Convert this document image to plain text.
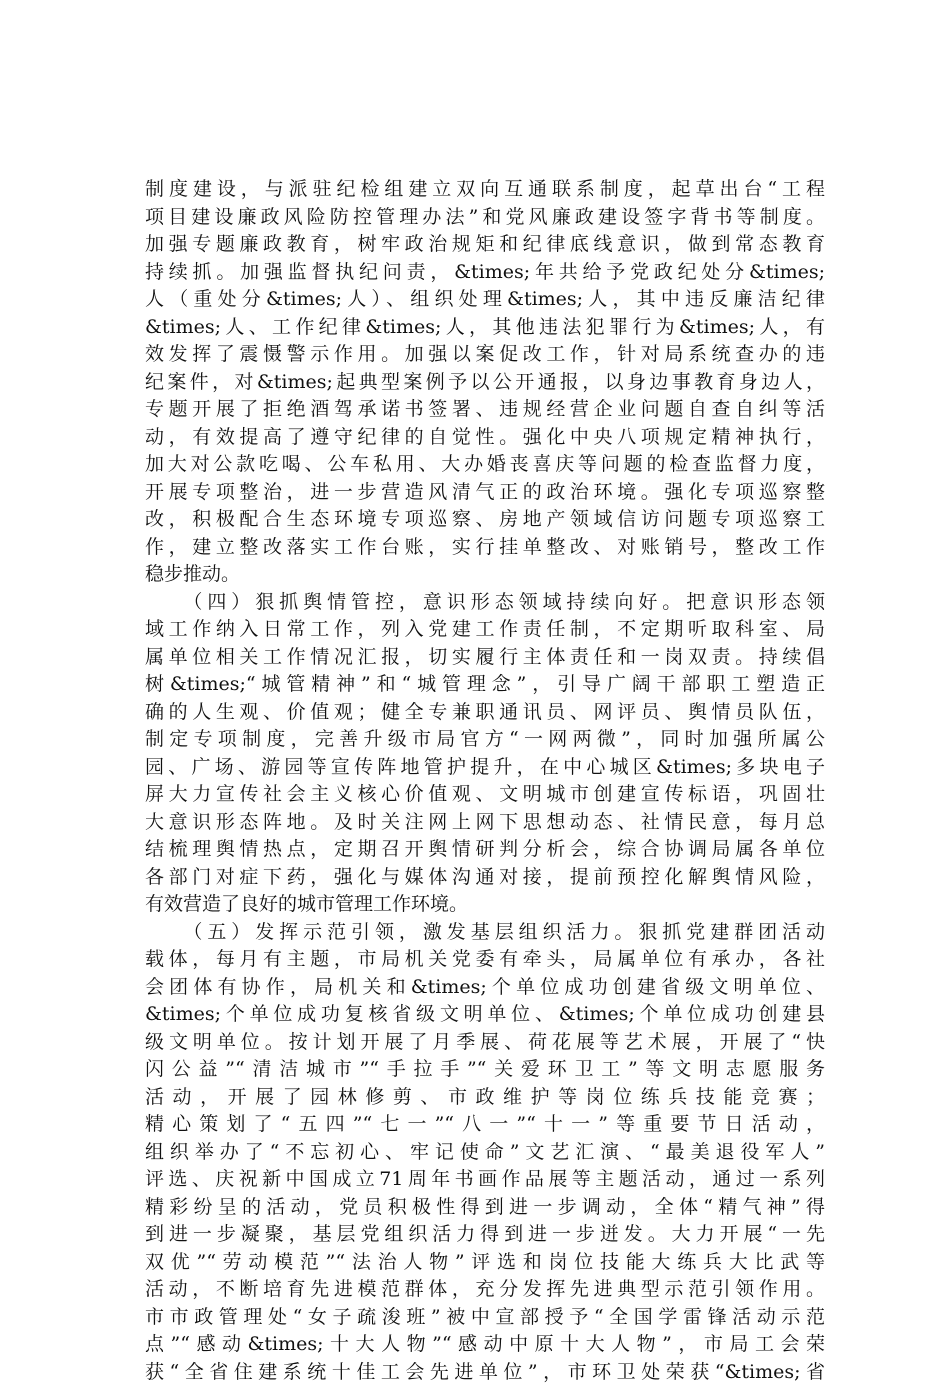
制度建设，与派驻纪检组建立双向互通联系制度，起草出台“工程
项目建设廉政风险防控管理办法”和党风廉政建设签字背书等制度。
加强专题廉政教育，树牢政治规矩和纪律底线意识，做到常态教育
持续抓。加强监督执纪问责，&times;年共给予党政纪处分&times;
人（重处分&times;人）、组织处理&times;人，其中违反廉洁纪律
&times;人、工作纪律&times;人，其他违法犯罪行为&times;人，有
效发挥了震慑警示作用。加强以案促改工作，针对局系统查办的违
纪案件，对&times;起典型案例予以公开通报，以身边事教育身边人，
专题开展了拒绝酒驾承诺书签署、违规经营企业问题自查自纠等活
动，有效提高了遵守纪律的自觉性。强化中央八项规定精神执行，
加大对公款吃喝、公车私用、大办婚丧喜庆等问题的检查监督力度，
开展专项整治，进一步营造风清气正的政治环境。强化专项巡察整
改，积极配合生态环境专项巡察、房地产领域信访问题专项巡察工
作，建立整改落实工作台账，实行挂单整改、对账销号，整改工作
稳步推动。
　　（四）狠抓舆情管控，意识形态领域持续向好。把意识形态领
域工作纳入日常工作，列入党建工作责任制，不定期听取科室、局
属单位相关工作情况汇报，切实履行主体责任和一岗双责。持续倡
树&times;“城管精神”和“城管理念”，引导广阔干部职工塑造正
确的人生观、价值观；健全专兼职通讯员、网评员、舆情员队伍，
制定专项制度，完善升级市局官方“一网两微”，同时加强所属公
园、广场、游园等宣传阵地管护提升，在中心城区&times;多块电子
屏大力宣传社会主义核心价值观、文明城市创建宣传标语，巩固壮
大意识形态阵地。及时关注网上网下思想动态、社情民意，每月总
结梳理舆情热点，定期召开舆情研判分析会，综合协调局属各单位
各部门对症下药，强化与媒体沟通对接，提前预控化解舆情风险，
有效营造了良好的城市管理工作环境。
　　（五）发挥示范引领，激发基层组织活力。狠抓党建群团活动
载体，每月有主题，市局机关党委有牵头，局属单位有承办，各社
会团体有协作，局机关和&times;个单位成功创建省级文明单位、
&times;个单位成功复核省级文明单位、&times;个单位成功创建县
级文明单位。按计划开展了月季展、荷花展等艺术展，开展了“快
闪公益”“清洁城市”“手拉手”“关爱环卫工”等文明志愿服务
活动，开展了园林修剪、市政维护等岗位练兵技能竞赛；
精心策划了“五四”“七一”“八一”“十一”等重要节日活动，
组织举办了“不忘初心、牢记使命”文艺汇演、“最美退役军人”
评选、庆祝新中国成立71周年书画作品展等主题活动，通过一系列
精彩纷呈的活动，党员积极性得到进一步调动，全体“精气神”得
到进一步凝聚，基层党组织活力得到进一步迸发。大力开展“一先
双优”“劳动模范”“法治人物”评选和岗位技能大练兵大比武等
活动，不断培育先进模范群体，充分发挥先进典型示范引领作用。
市市政管理处“女子疏浚班”被中宣部授予“全国学雷锋活动示范
点”“感动&times;十大人物”“感动中原十大人物”，市局工会荣
获“全省住建系统十佳工会先进单位”，市环卫处荣获“&times;省
